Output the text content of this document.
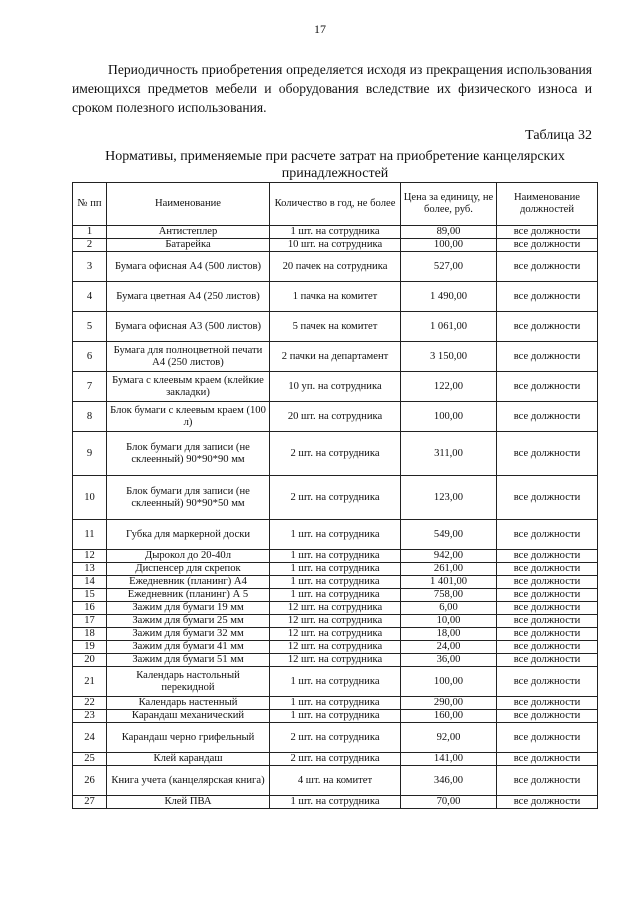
17
Периодичность приобретения определяется исходя из прекращения использования имеющихся предметов мебели и оборудования вследствие их физического износа и сроком полезного использования.
Таблица 32
Нормативы, применяемые при расчете затрат на приобретение канцелярских принадлежностей
№ пп	Наименование	Количество в год, не более	Цена за единицу, не более, руб.	Наименование должностей
1	Антистеплер	1 шт. на сотрудника	89,00	все должности
2	Батарейка	10 шт. на сотрудника	100,00	все должности
3	Бумага офисная А4 (500 листов)	20 пачек на сотрудника	527,00	все должности
4	Бумага цветная А4 (250 листов)	1 пачка на комитет	1 490,00	все должности
5	Бумага офисная А3 (500 листов)	5 пачек на комитет	1 061,00	все должности
6	Бумага для полноцветной печати А4 (250 листов)	2 пачки на департамент	3 150,00	все должности
7	Бумага с клеевым краем (клейкие закладки)	10 уп. на сотрудника	122,00	все должности
8	Блок бумаги с клеевым краем (100 л)	20 шт. на сотрудника	100,00	все должности
9	Блок бумаги для записи (не склеенный) 90*90*90 мм	2 шт. на сотрудника	311,00	все должности
10	Блок бумаги для записи (не склеенный) 90*90*50 мм	2 шт. на сотрудника	123,00	все должности
11	Губка для маркерной доски	1 шт. на сотрудника	549,00	все должности
12	Дырокол до 20-40л	1 шт. на сотрудника	942,00	все должности
13	Диспенсер для скрепок	1 шт. на сотрудника	261,00	все должности
14	Ежедневник (планинг) А4	1 шт. на сотрудника	1 401,00	все должности
15	Ежедневник (планинг) А 5	1 шт. на сотрудника	758,00	все должности
16	Зажим для бумаги 19 мм	12 шт. на сотрудника	6,00	все должности
17	Зажим для бумаги 25 мм	12 шт. на сотрудника	10,00	все должности
18	Зажим для бумаги 32 мм	12 шт. на сотрудника	18,00	все должности
19	Зажим для бумаги 41 мм	12 шт. на сотрудника	24,00	все должности
20	Зажим для бумаги 51 мм	12 шт. на сотрудника	36,00	все должности
21	Календарь настольный перекидной	1 шт. на сотрудника	100,00	все должности
22	Календарь настенный	1 шт. на сотрудника	290,00	все должности
23	Карандаш механический	1 шт. на сотрудника	160,00	все должности
24	Карандаш черно грифельный	2 шт. на сотрудника	92,00	все должности
25	Клей карандаш	2 шт. на сотрудника	141,00	все должности
26	Книга учета (канцелярская книга)	4 шт. на комитет	346,00	все должности
27	Клей ПВА	1 шт. на сотрудника	70,00	все должности
